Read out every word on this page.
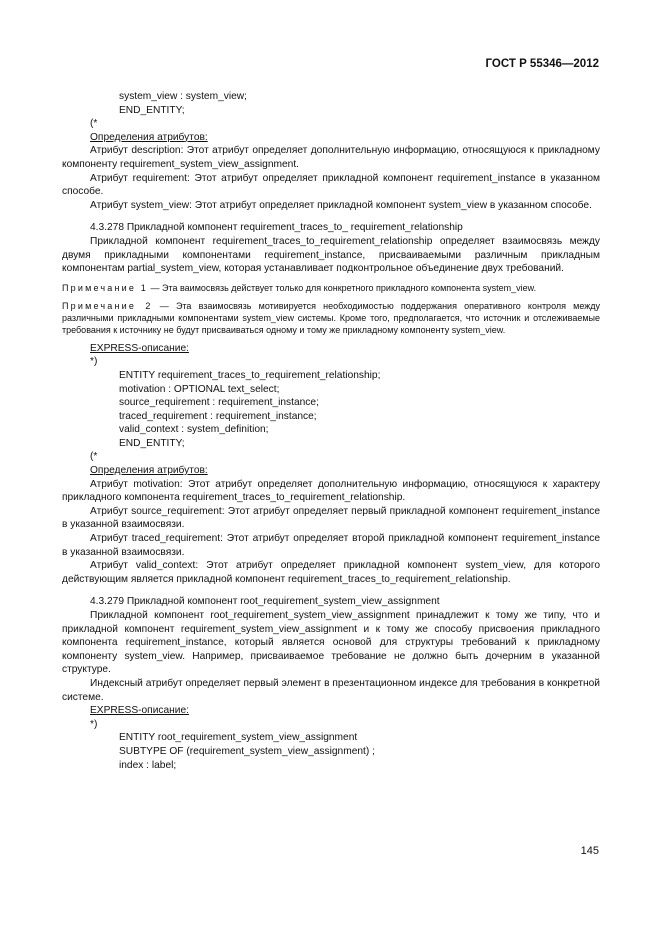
ГОСТ Р 55346—2012
system_view : system_view;
END_ENTITY;
(*
Определения атрибутов:
Атрибут description: Этот атрибут определяет дополнительную информацию, относящуюся к прикладному компоненту requirement_system_view_assignment.
Атрибут requirement: Этот атрибут определяет прикладной компонент requirement_instance в указанном способе.
Атрибут system_view: Этот атрибут определяет прикладной компонент system_view в указанном способе.
4.3.278 Прикладной компонент requirement_traces_to_ requirement_relationship
Прикладной компонент requirement_traces_to_requirement_relationship определяет взаимосвязь между двумя прикладными компонентами requirement_instance, присваиваемыми различным прикладным компонентам partial_system_view, которая устанавливает подконтрольное объединение двух требований.
Примечание 1 — Эта ваимосвязь действует только для конкретного прикладного компонента system_view.
Примечание 2 — Эта взаимосвязь мотивируется необходимостью поддержания оперативного контроля между различными прикладными компонентами system_view системы. Кроме того, предполагается, что источник и отслеживаемые требования к источнику не будут присваиваться одному и тому же прикладному компоненту system_view.
EXPRESS-описание:
*)
ENTITY requirement_traces_to_requirement_relationship;
motivation : OPTIONAL text_select;
source_requirement : requirement_instance;
traced_requirement : requirement_instance;
valid_context : system_definition;
END_ENTITY;
(*
Определения атрибутов:
Атрибут motivation: Этот атрибут определяет дополнительную информацию, относящуюся к характеру прикладного компонента requirement_traces_to_requirement_relationship.
Атрибут source_requirement: Этот атрибут определяет первый прикладной компонент requirement_instance в указанной взаимосвязи.
Атрибут traced_requirement: Этот атрибут определяет второй прикладной компонент requirement_instance в указанной взаимосвязи.
Атрибут valid_context: Этот атрибут определяет прикладной компонент system_view, для которого действующим является прикладной компонент requirement_traces_to_requirement_relationship.
4.3.279 Прикладной компонент root_requirement_system_view_assignment
Прикладной компонент root_requirement_system_view_assignment принадлежит к тому же типу, что и прикладной компонент requirement_system_view_assignment и к тому же способу присвоения прикладного компонента requirement_instance, который является основой для структуры требований к прикладному компоненту system_view. Например, присваиваемое требование не должно быть дочерним в указанной структуре.
Индексный атрибут определяет первый элемент в презентационном индексе для требования в конкретной системе.
EXPRESS-описание:
*)
ENTITY root_requirement_system_view_assignment
SUBTYPE OF (requirement_system_view_assignment) ;
index : label;
145
